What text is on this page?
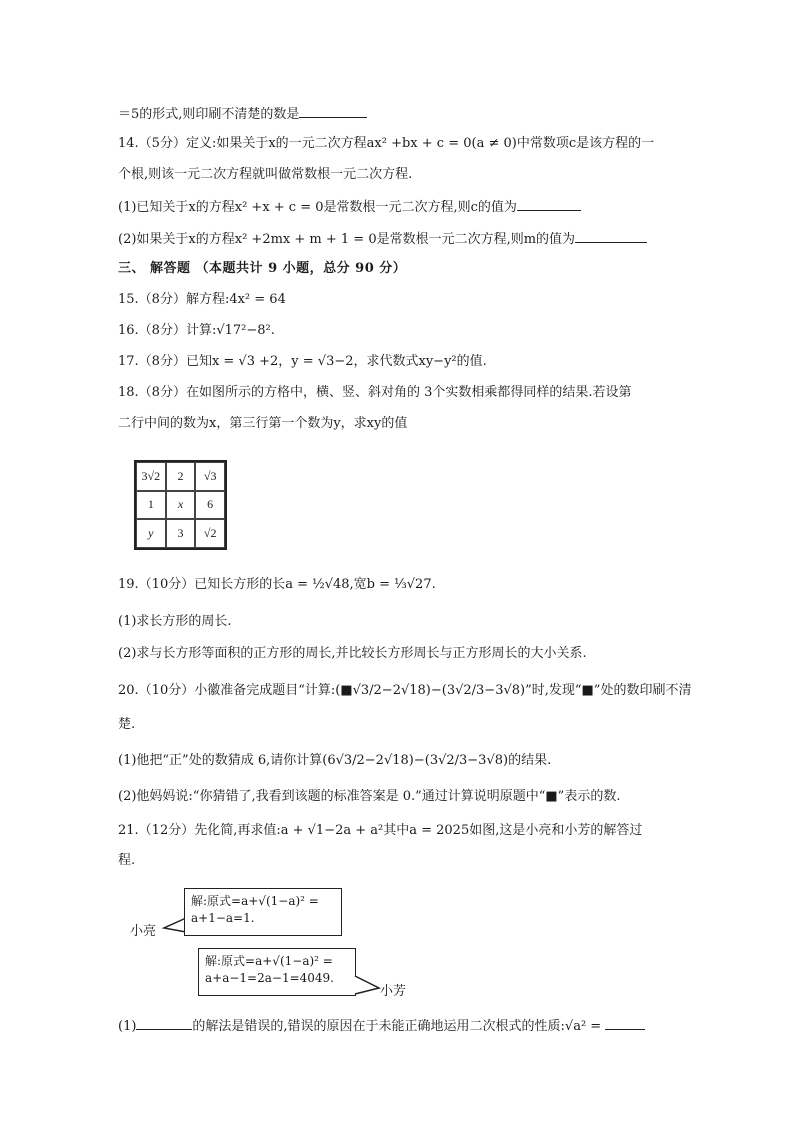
＝5的形式,则印刷不清楚的数是
14.（5分）定义:如果关于x的一元二次方程ax² +bx + c = 0(a ≠ 0)中常数项c是该方程的一
个根,则该一元二次方程就叫做常数根一元二次方程.
(1)已知关于x的方程x² +x + c = 0是常数根一元二次方程,则c的值为
(2)如果关于x的方程x² +2mx + m + 1 = 0是常数根一元二次方程,则m的值为
三、 解答题 （本题共计 9 小题，总分 90 分）
15.（8分）解方程:4x² = 64
16.（8分）计算:√17²−8².
17.（8分）已知x = √3 +2，y = √3−2，求代数式xy−y²的值.
18.（8分）在如图所示的方格中，横、竖、斜对角的 3个实数相乘都得同样的结果.若设第
二行中间的数为x，第三行第一个数为y，求xy的值
3√2	2	√3
1	x	6
y	3	√2
19.（10分）已知长方形的长a = ½√48,宽b = ⅓√27.
(1)求长方形的周长.
(2)求与长方形等面积的正方形的周长,并比较长方形周长与正方形周长的大小关系.
20.（10分）小徽准备完成题目“计算:(■√3/2−2√18)−(3√2/3−3√8)”时,发现“■”处的数印刷不清
楚.
(1)他把“正”处的数猜成 6,请你计算(6√3/2−2√18)−(3√2/3−3√8)的结果.
(2)他妈妈说:“你猜错了,我看到该题的标准答案是 0.”通过计算说明原题中“■”表示的数.
21.（12分）先化简,再求值:a + √1−2a + a²其中a = 2025如图,这是小亮和小芳的解答过
程.
小亮
解:原式=a+√(1−a)² =
a+1−a=1.
解:原式=a+√(1−a)² =
a+a−1=2a−1=4049.
小芳
(1)	的解法是错误的,错误的原因在于未能正确地运用二次根式的性质:√a² =
